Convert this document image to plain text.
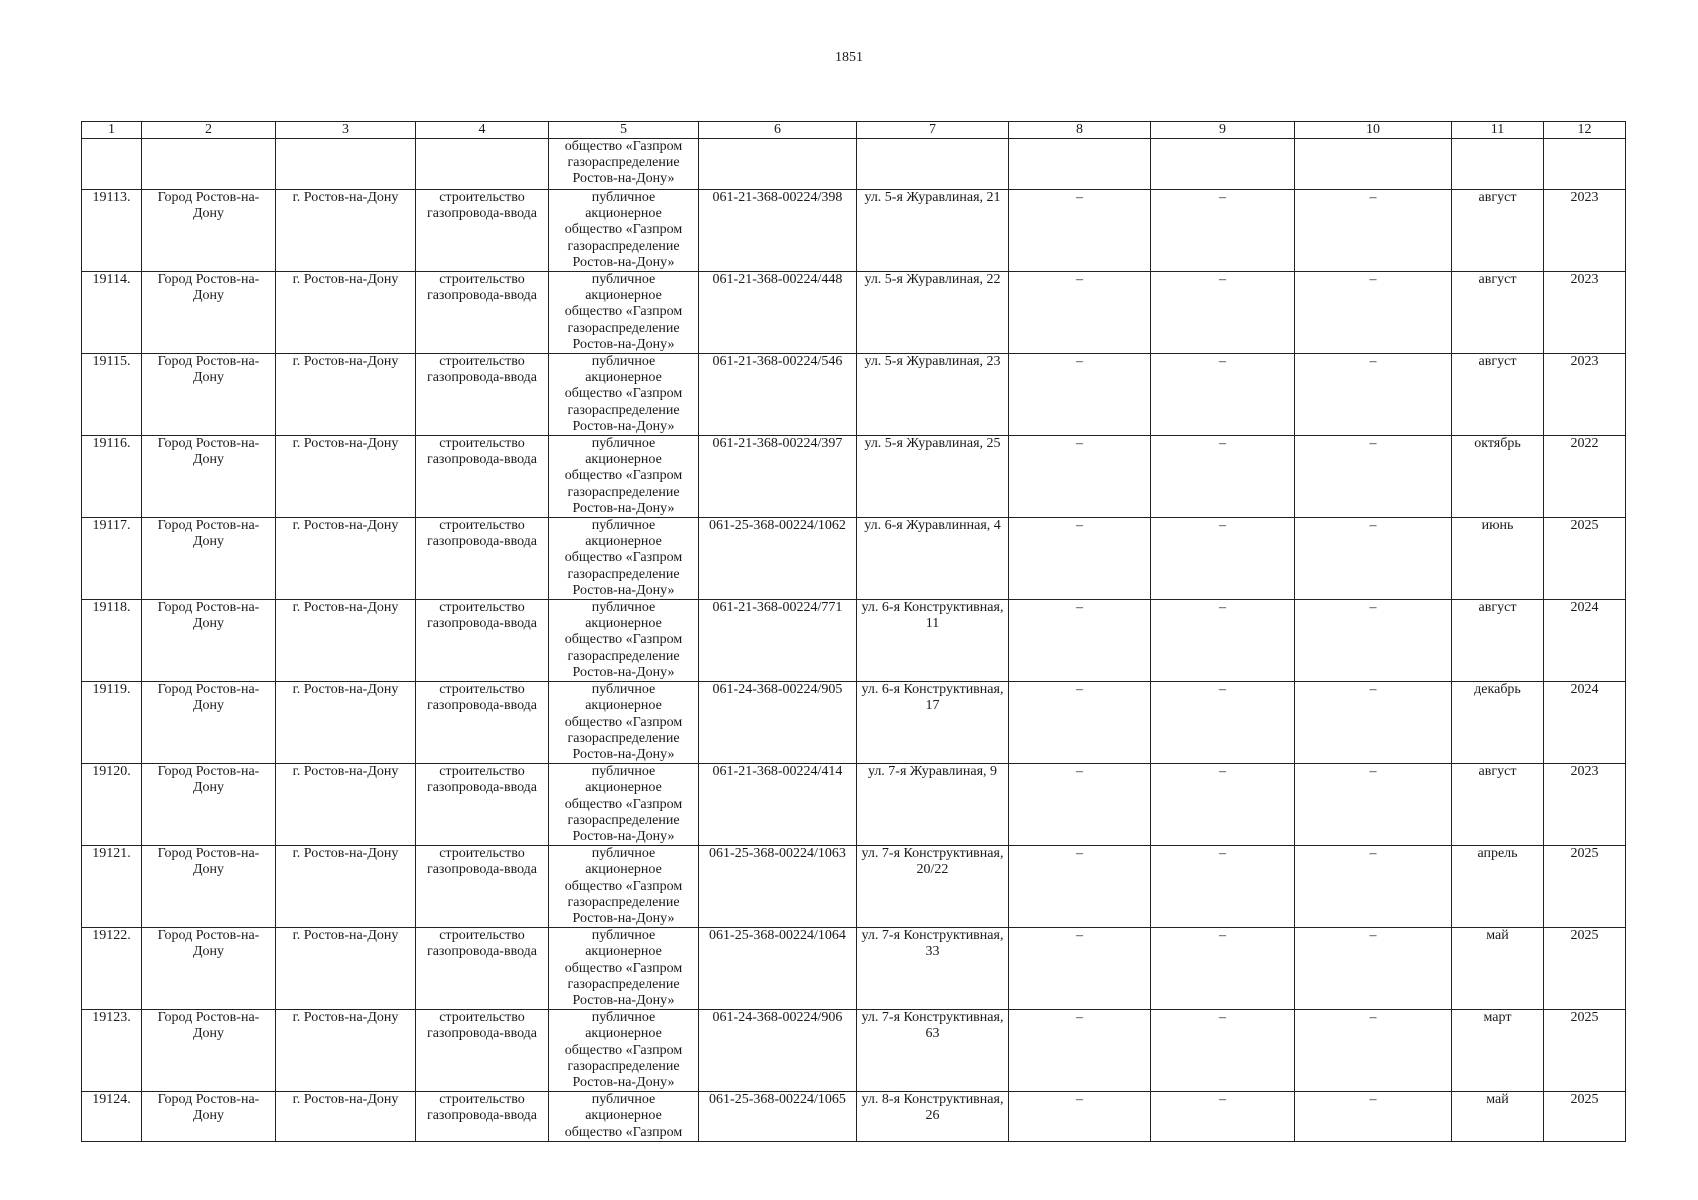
1851
1	2	3	4	5	6	7	8	9	10	11	12

				общество «Газпром
газораспределение
Ростов-на-Дону»							

19113.	Город Ростов-на-Дону	г. Ростов-на-Дону	строительство газопровода-ввода	публичное
акционерное
общество «Газпром
газораспределение
Ростов-на-Дону»	061-21-368-00224/398	ул. 5-я Журавлиная, 21	–	–	–	август	2023
19114.	Город Ростов-на-Дону	г. Ростов-на-Дону	строительство газопровода-ввода	публичное
акционерное
общество «Газпром
газораспределение
Ростов-на-Дону»	061-21-368-00224/448	ул. 5-я Журавлиная, 22	–	–	–	август	2023
19115.	Город Ростов-на-Дону	г. Ростов-на-Дону	строительство газопровода-ввода	публичное
акционерное
общество «Газпром
газораспределение
Ростов-на-Дону»	061-21-368-00224/546	ул. 5-я Журавлиная, 23	–	–	–	август	2023
19116.	Город Ростов-на-Дону	г. Ростов-на-Дону	строительство газопровода-ввода	публичное
акционерное
общество «Газпром
газораспределение
Ростов-на-Дону»	061-21-368-00224/397	ул. 5-я Журавлиная, 25	–	–	–	октябрь	2022
19117.	Город Ростов-на-Дону	г. Ростов-на-Дону	строительство газопровода-ввода	публичное
акционерное
общество «Газпром
газораспределение
Ростов-на-Дону»	061-25-368-00224/1062	ул. 6-я Журавлинная, 4	–	–	–	июнь	2025
19118.	Город Ростов-на-Дону	г. Ростов-на-Дону	строительство газопровода-ввода	публичное
акционерное
общество «Газпром
газораспределение
Ростов-на-Дону»	061-21-368-00224/771	ул. 6-я Конструктивная, 11	–	–	–	август	2024
19119.	Город Ростов-на-Дону	г. Ростов-на-Дону	строительство газопровода-ввода	публичное
акционерное
общество «Газпром
газораспределение
Ростов-на-Дону»	061-24-368-00224/905	ул. 6-я Конструктивная, 17	–	–	–	декабрь	2024
19120.	Город Ростов-на-Дону	г. Ростов-на-Дону	строительство газопровода-ввода	публичное
акционерное
общество «Газпром
газораспределение
Ростов-на-Дону»	061-21-368-00224/414	ул. 7-я Журавлиная, 9	–	–	–	август	2023
19121.	Город Ростов-на-Дону	г. Ростов-на-Дону	строительство газопровода-ввода	публичное
акционерное
общество «Газпром
газораспределение
Ростов-на-Дону»	061-25-368-00224/1063	ул. 7-я Конструктивная, 20/22	–	–	–	апрель	2025
19122.	Город Ростов-на-Дону	г. Ростов-на-Дону	строительство газопровода-ввода	публичное
акционерное
общество «Газпром
газораспределение
Ростов-на-Дону»	061-25-368-00224/1064	ул. 7-я Конструктивная, 33	–	–	–	май	2025
19123.	Город Ростов-на-Дону	г. Ростов-на-Дону	строительство газопровода-ввода	публичное
акционерное
общество «Газпром
газораспределение
Ростов-на-Дону»	061-24-368-00224/906	ул. 7-я Конструктивная, 63	–	–	–	март	2025
19124.	Город Ростов-на-Дону	г. Ростов-на-Дону	строительство газопровода-ввода	публичное
акционерное
общество «Газпром	061-25-368-00224/1065	ул. 8-я Конструктивная, 26	–	–	–	май	2025
